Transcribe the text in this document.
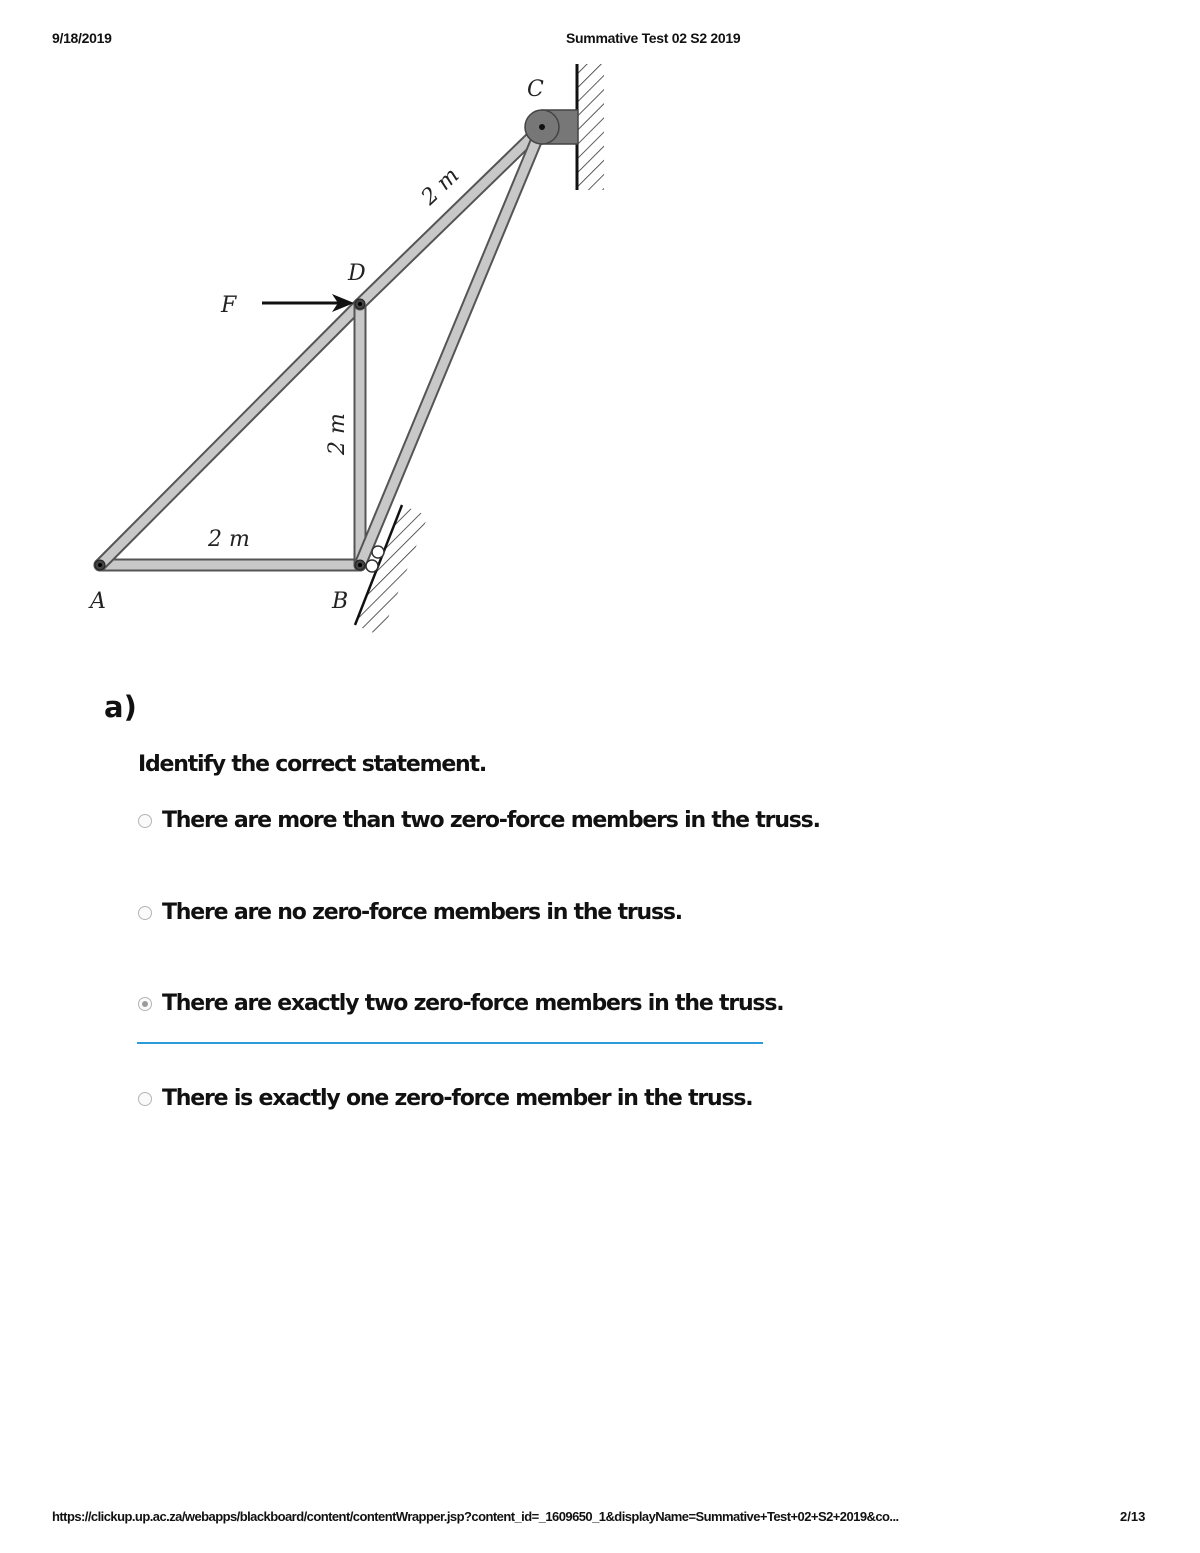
9/18/2019	Summative Test 02 S2 2019
A	B
C
D
F
2 m
2 m
2 m
a)
Identify the correct statement.
There are more than two zero-force members in the truss.
There are no zero-force members in the truss.
There are exactly two zero-force members in the truss.
There is exactly one zero-force member in the truss.
https://clickup.up.ac.za/webapps/blackboard/content/contentWrapper.jsp?content_id=_1609650_1&displayName=Summative+Test+02+S2+2019&co...	2/13
